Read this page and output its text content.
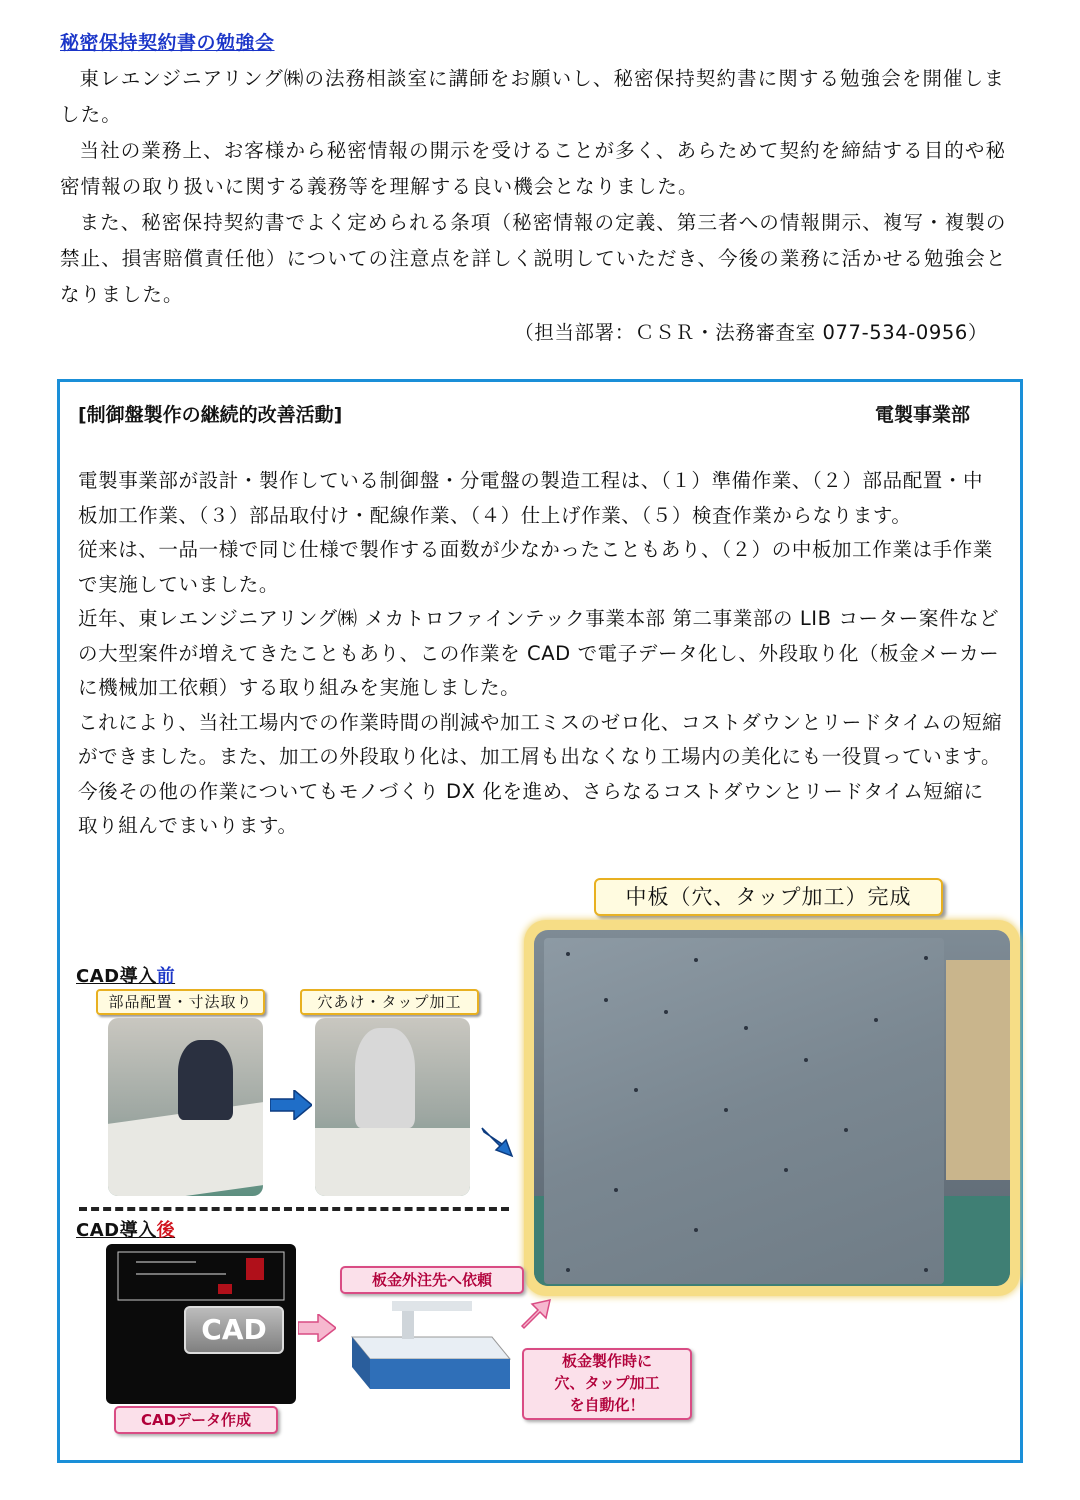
秘密保持契約書の勉強会

東レエンジニアリング㈱の法務相談室に講師をお願いし、秘密保持契約書に関する勉強会を開催しました。

当社の業務上、お客様から秘密情報の開示を受けることが多く、あらためて契約を締結する目的や秘密情報の取り扱いに関する義務等を理解する良い機会となりました。

また、秘密保持契約書でよく定められる条項（秘密情報の定義、第三者への情報開示、複写・複製の禁止、損害賠償責任他）についての注意点を詳しく説明していただき、今後の業務に活かせる勉強会となりました。

（担当部署：ＣＳＲ・法務審査室 077-534-0956）
[制御盤製作の継続的改善活動]	電製事業部

電製事業部が設計・製作している制御盤・分電盤の製造工程は、（１）準備作業、（２）部品配置・中板加工作業、（３）部品取付け・配線作業、（４）仕上げ作業、（５）検査作業からなります。

従来は、一品一様で同じ仕様で製作する面数が少なかったこともあり、（２）の中板加工作業は手作業で実施していました。

近年、東レエンジニアリング㈱ メカトロファインテック事業本部 第二事業部の LIB コーター案件などの大型案件が増えてきたこともあり、この作業を CAD で電子データ化し、外段取り化（板金メーカーに機械加工依頼）する取り組みを実施しました。

これにより、当社工場内での作業時間の削減や加工ミスのゼロ化、コストダウンとリードタイムの短縮ができました。また、加工の外段取り化は、加工屑も出なくなり工場内の美化にも一役買っています。今後その他の作業についてもモノづくり DX 化を進め、さらなるコストダウンとリードタイム短縮に取り組んでまいります。

中板（穴、タップ加工）完成
CAD導入前
部品配置・寸法取り	穴あけ・タップ加工
CAD導入後
CAD
CADデータ作成
板金外注先へ依頼
板金製作時に
穴、タップ加工
を自動化！
